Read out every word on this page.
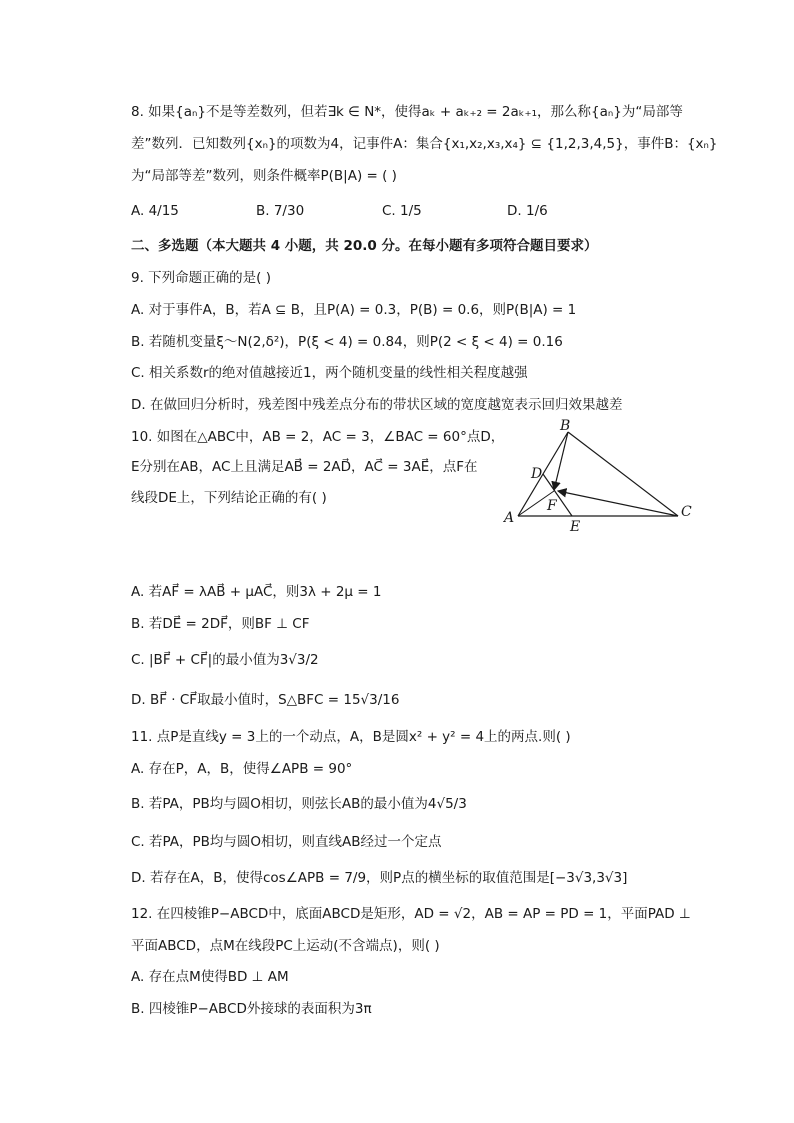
8. 如果{aₙ}不是等差数列，但若∃k ∈ N*，使得aₖ + aₖ₊₂ = 2aₖ₊₁，那么称{aₙ}为“局部等
差”数列．已知数列{xₙ}的项数为4，记事件A：集合{x₁,x₂,x₃,x₄} ⊆ {1,2,3,4,5}，事件B：{xₙ}
为“局部等差”数列，则条件概率P(B|A) = ( )
A. 4/15	B. 7/30	C. 1/5	D. 1/6
二、多选题（本大题共 4 小题，共 20.0 分。在每小题有多项符合题目要求）
9. 下列命题正确的是( )
A. 对于事件A，B，若A ⊆ B，且P(A) = 0.3，P(B) = 0.6，则P(B|A) = 1
B. 若随机变量ξ～N(2,δ²)，P(ξ < 4) = 0.84，则P(2 < ξ < 4) = 0.16
C. 相关系数r的绝对值越接近1，两个随机变量的线性相关程度越强
D. 在做回归分析时，残差图中残差点分布的带状区域的宽度越宽表示回归效果越差
10. 如图在△ABC中，AB = 2，AC = 3，∠BAC = 60°点D，
E分别在AB，AC上且满足AB⃗ = 2AD⃗，AC⃗ = 3AE⃗，点F在
线段DE上，下列结论正确的有( )
A
B
C
D
E
F
A. 若AF⃗ = λAB⃗ + μAC⃗，则3λ + 2μ = 1
B. 若DE⃗ = 2DF⃗，则BF ⊥ CF
C. |BF⃗ + CF⃗|的最小值为3√3/2
D. BF⃗ · CF⃗取最小值时，S△BFC = 15√3/16
11. 点P是直线y = 3上的一个动点，A，B是圆x² + y² = 4上的两点.则( )
A. 存在P，A，B，使得∠APB = 90°
B. 若PA，PB均与圆O相切，则弦长AB的最小值为4√5/3
C. 若PA，PB均与圆O相切，则直线AB经过一个定点
D. 若存在A，B，使得cos∠APB = 7/9，则P点的横坐标的取值范围是[−3√3,3√3]
12. 在四棱锥P−ABCD中，底面ABCD是矩形，AD = √2，AB = AP = PD = 1，平面PAD ⊥
平面ABCD，点M在线段PC上运动(不含端点)，则( )
A. 存在点M使得BD ⊥ AM
B. 四棱锥P−ABCD外接球的表面积为3π
